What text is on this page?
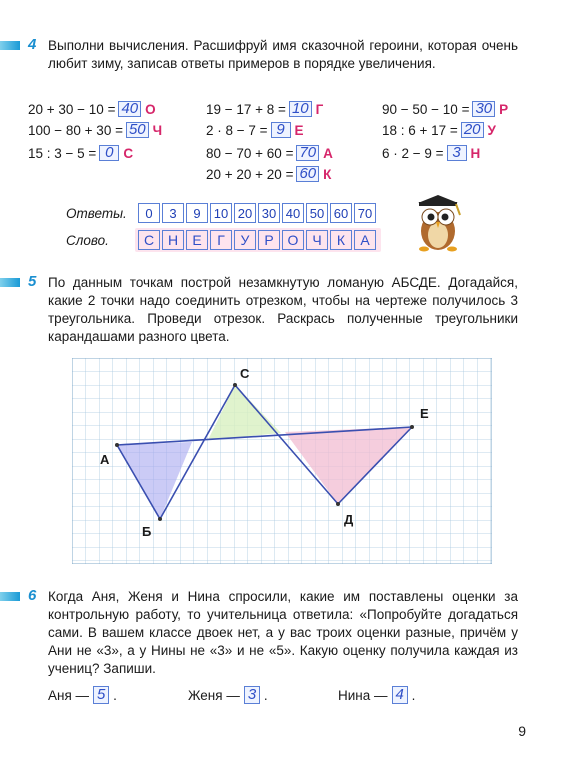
4 Выполни вычисления. Расшифруй имя сказочной героини, которая очень любит зиму, записав ответы примеров в порядке увеличения.
20 + 30 − 10 = 40 О
100 − 80 + 30 = 50 Ч
15 : 3 − 5 = 0 С
19 − 17 + 8 = 10 Г
2 · 8 − 7 = 9 Е
80 − 70 + 60 = 70 А
20 + 20 + 20 = 60 К
90 − 50 − 10 = 30 Р
18 : 6 + 17 = 20 У
6 · 2 − 9 = 3 Н
Ответы.	0	3	9	10 20 30 40 50 60 70
Слово.	С Н	Е	Г	У	Р О Ч	К	А
5 По данным точкам построй незамкнутую ломаную АБСДЕ. Догадайся, какие 2 точки надо соединить отрезком, чтобы на чертеже получилось 3 треугольника. Проведи отрезок. Раскрась полученные треугольники карандашами разного цвета.
А
Б
С
Д
Е
6 Когда Аня, Женя и Нина спросили, какие им поставлены оценки за контрольную работу, то учительница ответила: «Попробуйте догадаться сами. В вашем классе двоек нет, а у вас троих оценки разные, причём у Ани не «3», а у Нины не «3» и не «5». Какую оценку получила каждая из учениц? Запиши.
Аня — 5 .	Женя — 3 .	Нина — 4 .
9
